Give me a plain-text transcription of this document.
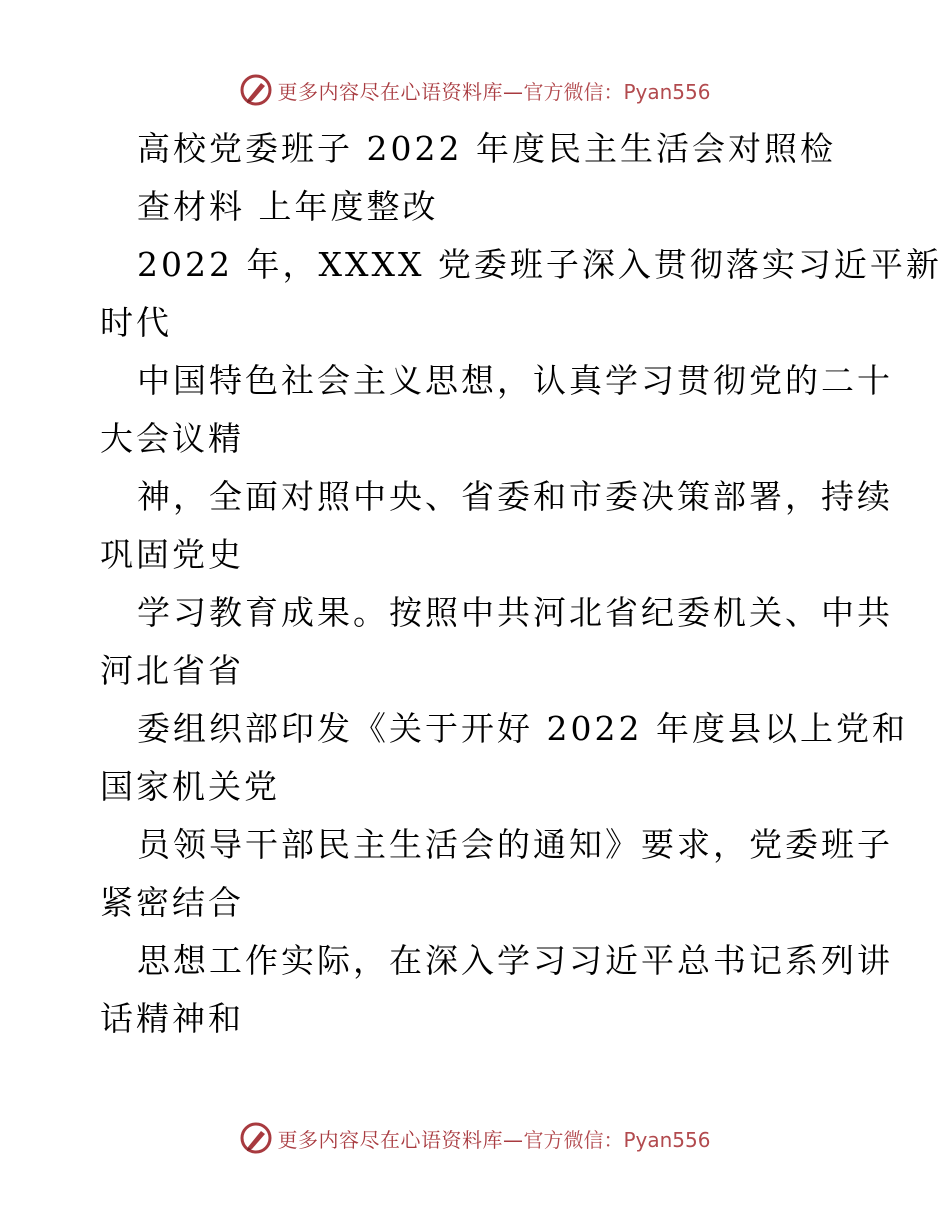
更多内容尽在心语资料库— 官方微信：Pyan556
高校党委班子 2022 年度民主生活会对照检
查材料 上年度整改
2022 年，XXXX 党委班子深入贯彻落实习近平新
时代
中国特色社会主义思想，认真学习贯彻党的二十
大会议精
神，全面对照中央、省委和市委决策部署，持续
巩固党史
学习教育成果。按照中共河北省纪委机关、中共
河北省省
委组织部印发《关于开好 2022 年度县以上党和
国家机关党
员领导干部民主生活会的通知》要求，党委班子
紧密结合
思想工作实际，在深入学习习近平总书记系列讲
话精神和
更多内容尽在心语资料库— 官方微信：Pyan556
